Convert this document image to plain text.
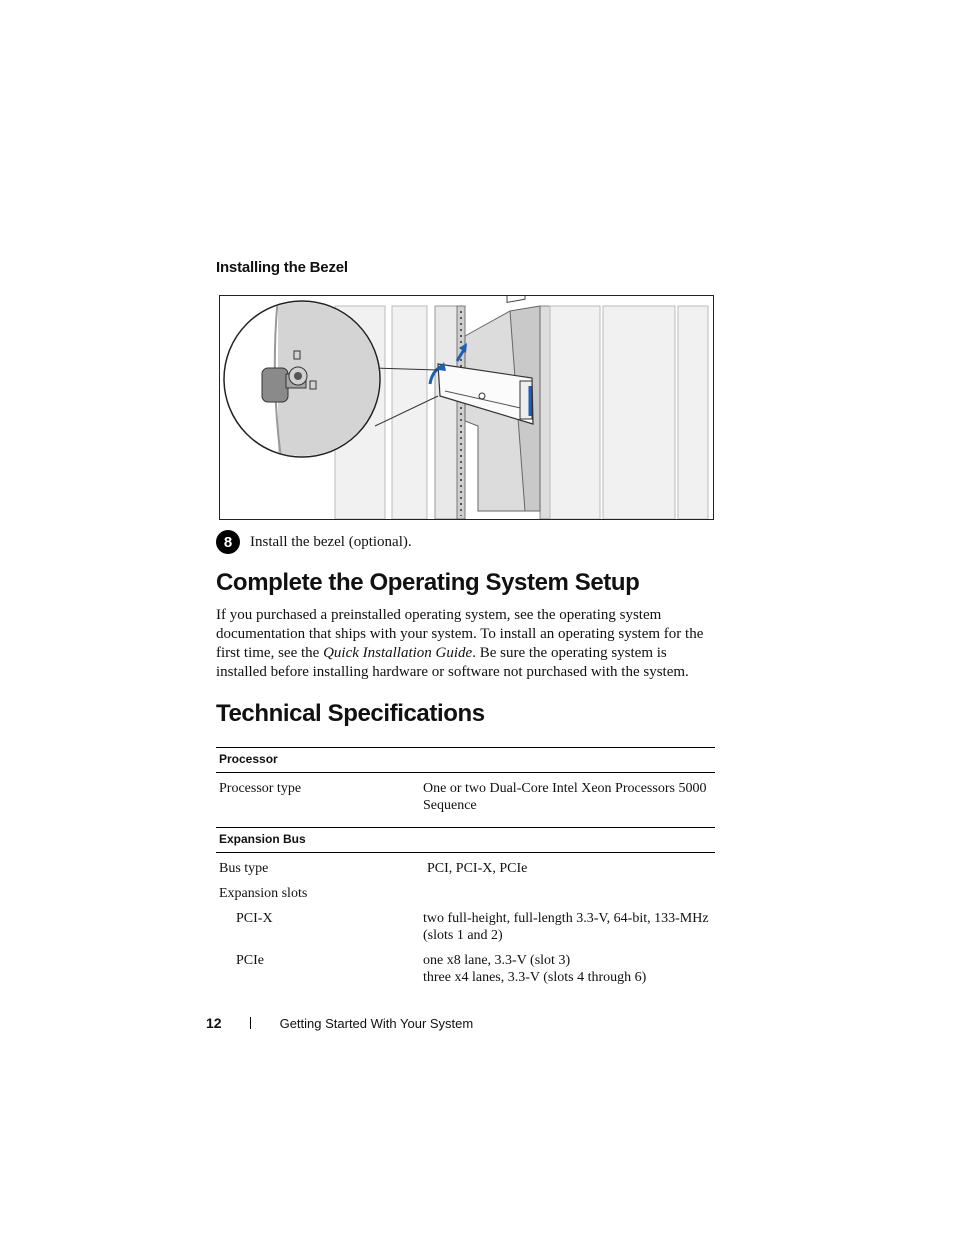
Installing the Bezel
8	Install the bezel (optional).
Complete the Operating System Setup
If you purchased a preinstalled operating system, see the operating system documentation that ships with your system. To install an operating system for the first time, see the Quick Installation Guide. Be sure the operating system is installed before installing hardware or software not purchased with the system.
Technical Specifications
Processor
Processor type	One or two Dual-Core Intel Xeon Processors 5000 Sequence
Expansion Bus
Bus type	PCI, PCI-X, PCIe
Expansion slots
PCI-X	two full-height, full-length 3.3-V, 64-bit, 133-MHz (slots 1 and 2)
PCIe	one x8 lane, 3.3-V (slot 3)
three x4 lanes, 3.3-V (slots 4 through 6)
12	Getting Started With Your System
